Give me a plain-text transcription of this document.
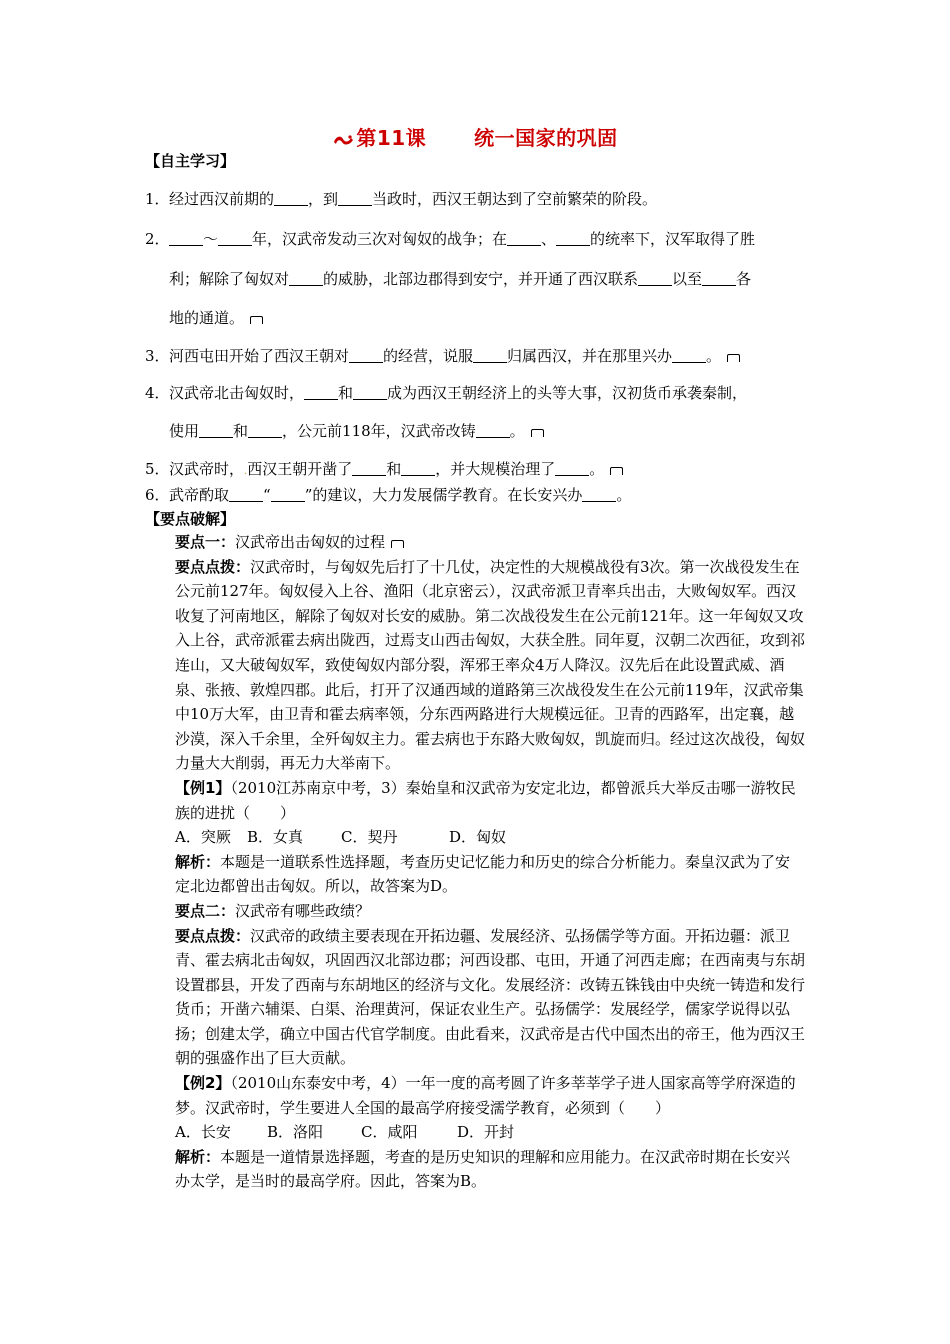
第11课 统一国家的巩固
【自主学习】
1．经过西汉前期的 ，到 当政时，西汉王朝达到了空前繁荣的阶段。
2． ～ 年，汉武帝发动三次对匈奴的战争；在 、 的统率下，汉军取得了胜
利；解除了匈奴对 的威胁，北部边郡得到安宁，并开通了西汉联系 以至 各
地的通道。
3．河西屯田开始了西汉王朝对 的经营，说服 归属西汉，并在那里兴办 。
4．汉武帝北击匈奴时， 和 成为西汉王朝经济上的头等大事，汉初货币承袭秦制，
使用 和 ，公元前118年，汉武帝改铸 。
5．汉武帝时，.西汉王朝开凿了 和 ，并大规模治理了 。
6．武帝酌取 “ ”的建议，大力发展儒学教育。在长安兴办 。
【要点破解】

要点一：汉武帝出击匈奴的过程

要点点拨：汉武帝时，与匈奴先后打了十几仗，决定性的大规模战役有3次。第一次战役发生在公元前127年。匈奴侵入上谷、渔阳（北京密云），汉武帝派卫青率兵出击，大败匈奴军。西汉收复了河南地区，解除了匈奴对长安的威胁。第二次战役发生在公元前121年。这一年匈奴又攻入上谷，武帝派霍去病出陇西，过焉支山西击匈奴，大获全胜。同年夏，汉朝二次西征，攻到祁连山，又大破匈奴军，致使匈奴内部分裂，浑邪王率众4万人降汉。汉先后在此设置武威、酒泉、张掖、敦煌四郡。此后，打开了汉通西域的道路第三次战役发生在公元前119年，汉武帝集中10万大军，由卫青和霍去病率领，分东西两路进行大规模远征。卫青的西路军，出定襄，越沙漠，深入千余里，全歼匈奴主力。霍去病也于东路大败匈奴，凯旋而归。经过这次战役，匈奴力量大大削弱，再无力大举南下。

【例1】（2010江苏南京中考，3）秦始皇和汉武帝为安定北边，都曾派兵大举反击哪一游牧民族的进扰（　　）

A．突厥 B．女真	C．契丹	D．匈奴

解析：本题是一道联系性选择题，考查历史记忆能力和历史的综合分析能力。秦皇汉武为了安定北边都曾出击匈奴。所以，故答案为D。

要点二：汉武帝有哪些政绩？

要点点拨：汉武帝的政绩主要表现在开拓边疆、发展经济、弘扬儒学等方面。开拓边疆：派卫青、霍去病北击匈奴，巩固西汉北部边郡；河西设郡、屯田，开通了河西走廊；在西南夷与东胡设置郡县，开发了西南与东胡地区的经济与文化。发展经济：改铸五铢钱由中央统一铸造和发行货币；开凿六辅渠、白渠、治理黄河，保证农业生产。弘扬儒学：发展经学，儒家学说得以弘扬；创建太学，确立中国古代官学制度。由此看来，汉武帝是古代中国杰出的帝王，他为西汉王朝的强盛作出了巨大贡献。

【例2】（2010山东泰安中考，4）一年一度的高考圆了许多莘莘学子进人国家高等学府深造的梦。汉武帝时，学生要进人全国的最高学府接受濡学教育，必须到（　　）

A．长安 B．洛阳	C．咸阳	D．开封

解析：本题是一道情景选择题，考查的是历史知识的理解和应用能力。在汉武帝时期在长安兴办太学，是当时的最高学府。因此，答案为B。
